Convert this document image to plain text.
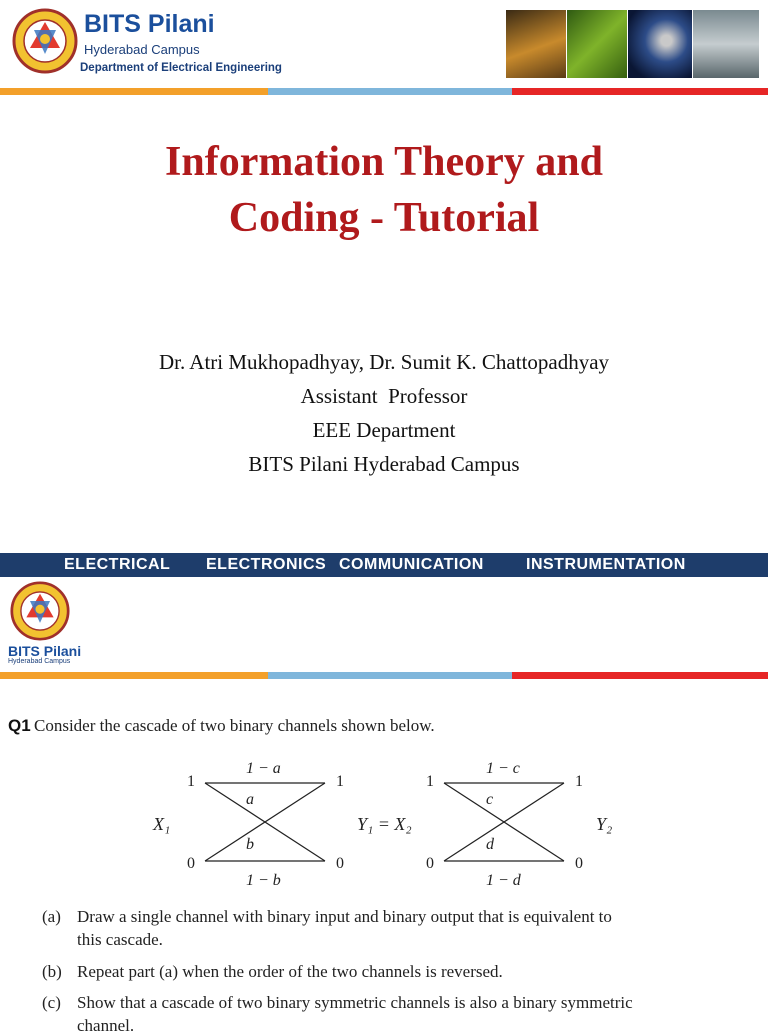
BITS Pilani
Hyderabad Campus
Department of Electrical Engineering
Information Theory and
Coding - Tutorial
Dr. Atri Mukhopadhyay, Dr. Sumit K. Chattopadhyay
Assistant  Professor
EEE Department
BITS Pilani Hyderabad Campus
ELECTRICAL ELECTRONICS COMMUNICATION	INSTRUMENTATION
BITS Pilani
Hyderabad Campus
Q1 Consider the cascade of two binary channels shown below.
1 − a
a
b
1 − b
1
0
1
0
X₁	Y₁ = X₂
1 − c
c
d
1 − d
1
0
1
0
Y₂
(a) Draw a single channel with binary input and binary output that is equivalent to
this cascade.
(b) Repeat part (a) when the order of the two channels is reversed.
(c) Show that a cascade of two binary symmetric channels is also a binary symmetric
channel.
